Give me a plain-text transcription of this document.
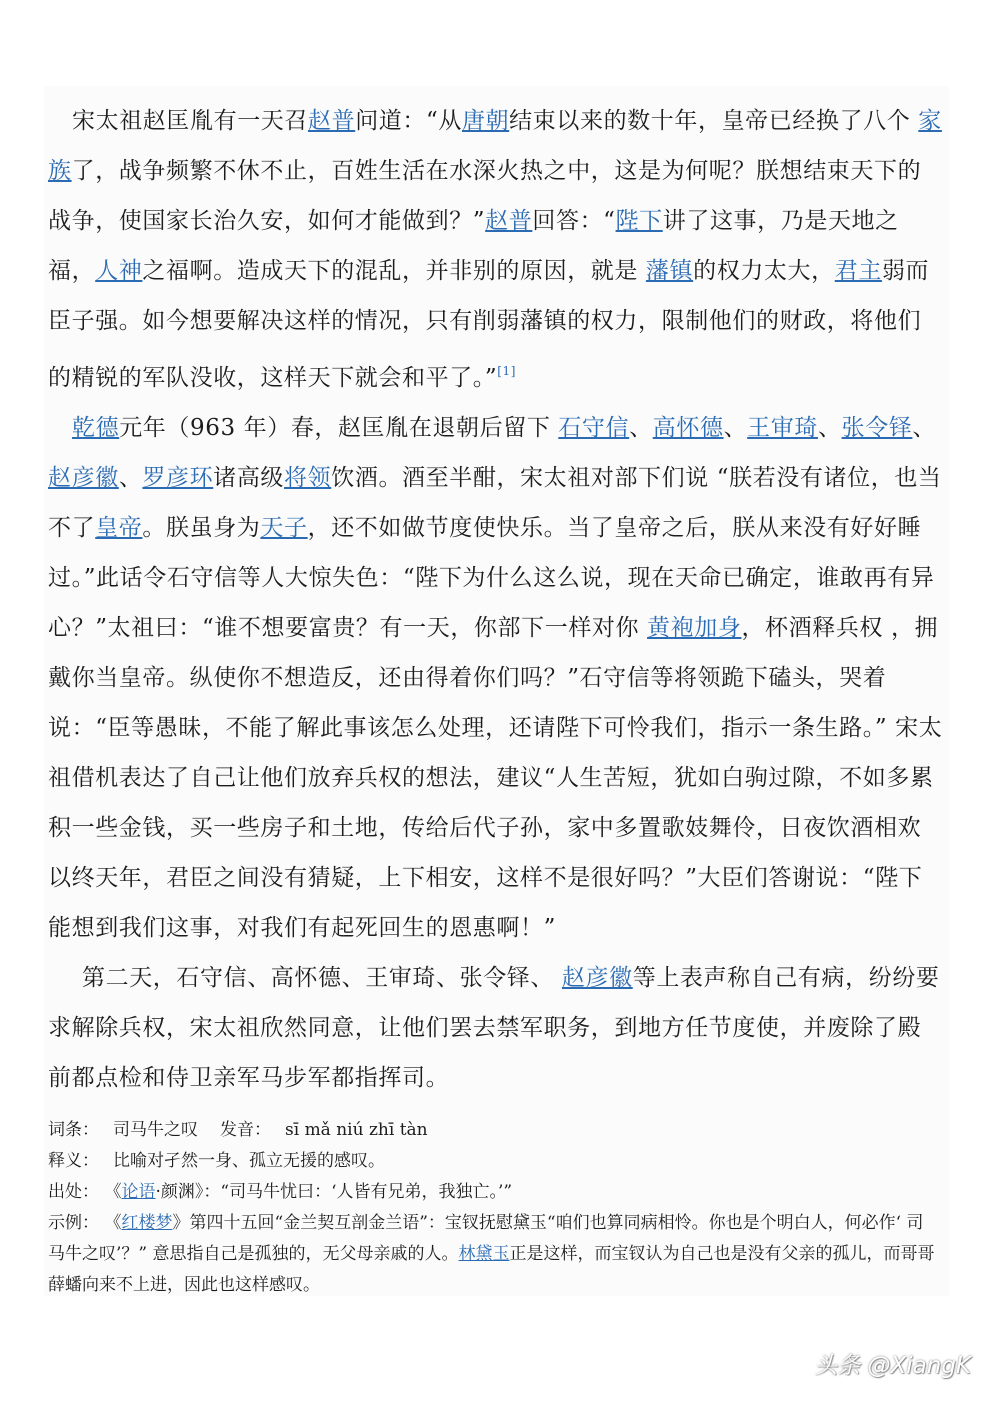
宋太祖赵匡胤有一天召赵普问道：“从唐朝结束以来的数十年，皇帝已经换了八个 家族了，战争频繁不休不止，百姓生活在水深火热之中，这是为何呢？朕想结束天下的战争，使国家长治久安，如何才能做到？”赵普回答：“陛下讲了这事，乃是天地之福，人神之福啊。造成天下的混乱，并非别的原因，就是 藩镇的权力太大，君主弱而臣子强。如今想要解决这样的情况，只有削弱藩镇的权力，限制他们的财政，将他们的精锐的军队没收，这样天下就会和平了。”[1]

乾德元年（963 年）春，赵匡胤在退朝后留下 石守信、高怀德、王审琦、张令铎、赵彦徽、罗彦环诸高级将领饮酒。酒至半酣，宋太祖对部下们说 “朕若没有诸位，也当不了皇帝。朕虽身为天子，还不如做节度使快乐。当了皇帝之后，朕从来没有好好睡过。”此话令石守信等人大惊失色：“陛下为什么这么说，现在天命已确定，谁敢再有异心？”太祖曰：“谁不想要富贵？有一天，你部下一样对你 黄袍加身，杯酒释兵权 ，拥戴你当皇帝。纵使你不想造反，还由得着你们吗？”石守信等将领跪下磕头，哭着说：“臣等愚昧，不能了解此事该怎么处理，还请陛下可怜我们，指示一条生路。” 宋太祖借机表达了自己让他们放弃兵权的想法，建议“人生苦短，犹如白驹过隙，不如多累积一些金钱，买一些房子和土地，传给后代子孙，家中多置歌妓舞伶，日夜饮酒相欢以终天年，君臣之间没有猜疑，上下相安，这样不是很好吗？”大臣们答谢说：“陛下能想到我们这事，对我们有起死回生的恩惠啊！”

第二天，石守信、高怀德、王审琦、张令铎、 赵彦徽等上表声称自己有病，纷纷要求解除兵权，宋太祖欣然同意，让他们罢去禁军职务，到地方任节度使，并废除了殿前都点检和侍卫亲军马步军都指挥司。

词条： 司马牛之叹 发音： sī mǎ niú zhī tàn

释义： 比喻对孑然一身、孤立无援的感叹。

出处： 《论语·颜渊》：“司马牛忧曰：‘人皆有兄弟，我独亡。’”

示例： 《红楼梦》第四十五回“金兰契互剖金兰语”：宝钗抚慰黛玉“咱们也算同病相怜。你也是个明白人，何必作‘ 司马牛之叹’？” 意思指自己是孤独的，无父母亲戚的人。林黛玉正是这样，而宝钗认为自己也是没有父亲的孤儿，而哥哥薛蟠向来不上进，因此也这样感叹。

头条 @XiangK
